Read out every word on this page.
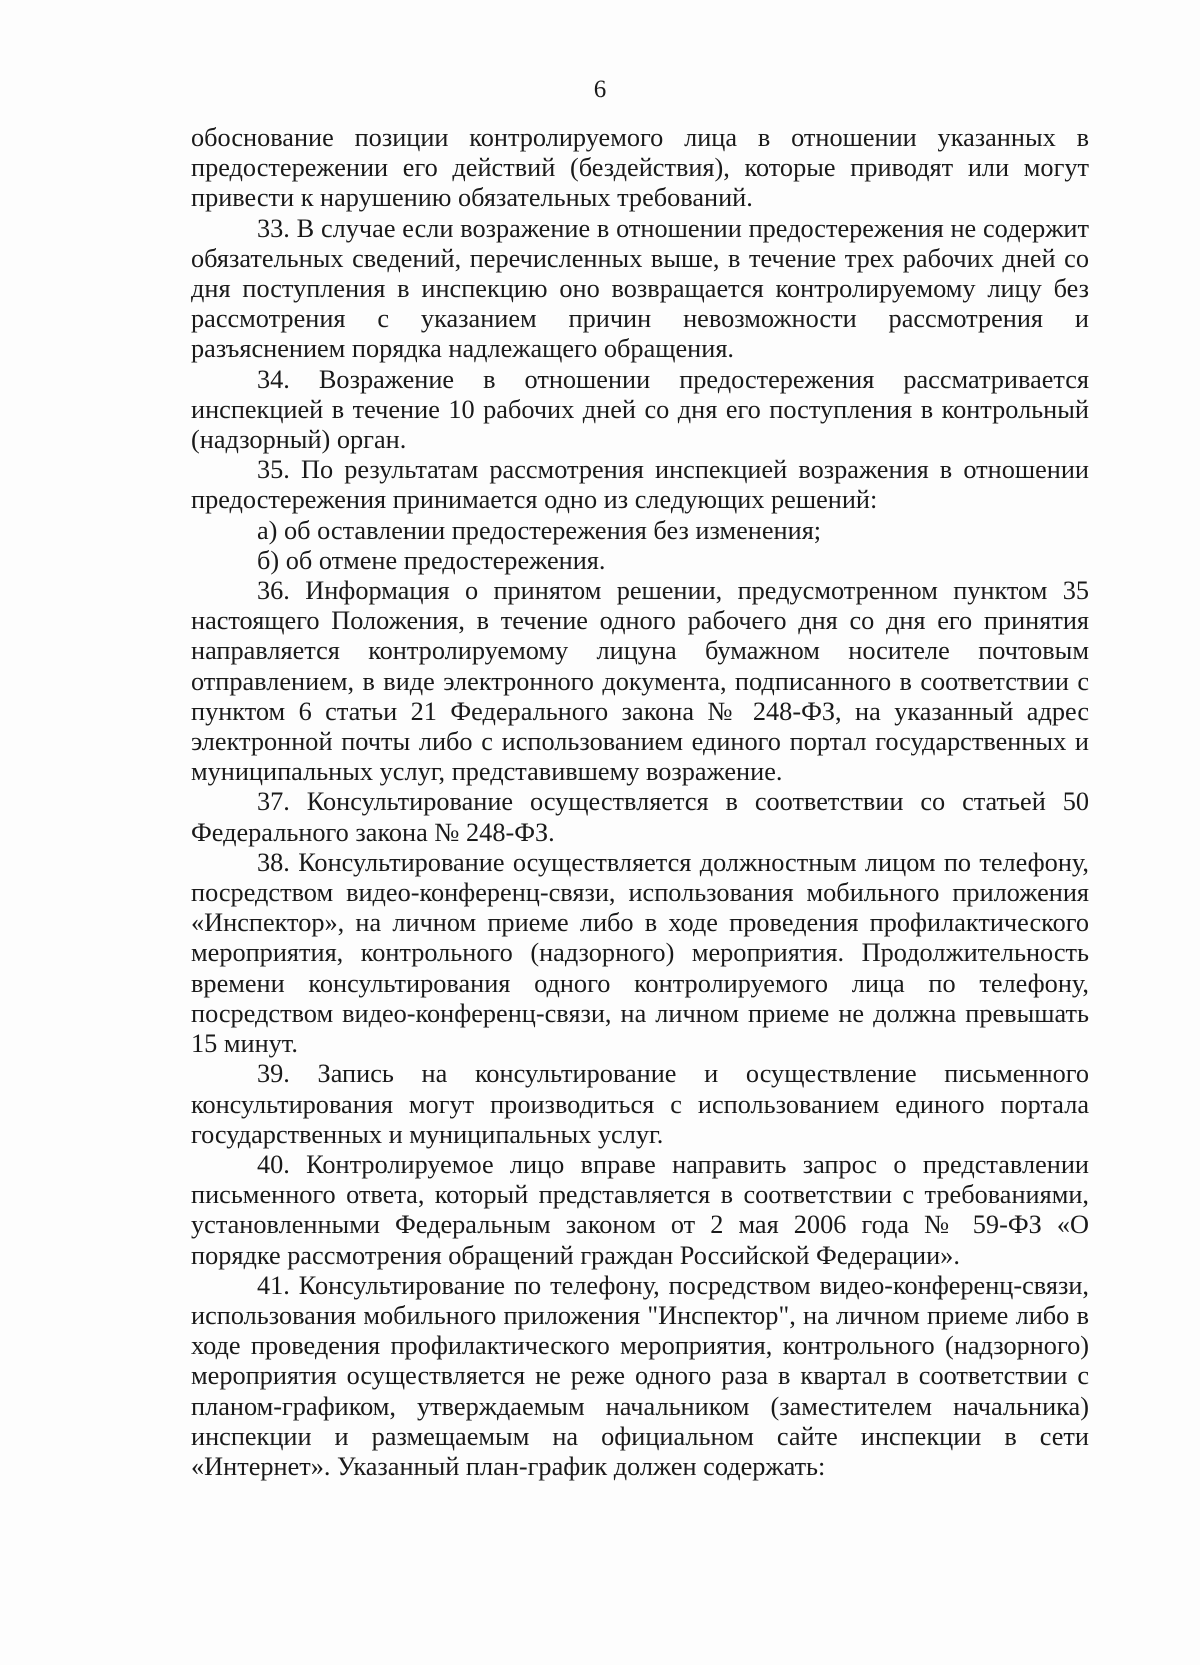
6

обоснование позиции контролируемого лица в отношении указанных в предостережении его действий (бездействия), которые приводят или могут привести к нарушению обязательных требований.

33. В случае если возражение в отношении предостережения не содержит обязательных сведений, перечисленных выше, в течение трех рабочих дней со дня поступления в инспекцию оно возвращается контролируемому лицу без рассмотрения с указанием причин невозможности рассмотрения и разъяснением порядка надлежащего обращения.

34. Возражение в отношении предостережения рассматривается инспекцией в течение 10 рабочих дней со дня его поступления в контрольный (надзорный) орган.

35. По результатам рассмотрения инспекцией возражения в отношении предостережения принимается одно из следующих решений:

а) об оставлении предостережения без изменения;

б) об отмене предостережения.

36. Информация о принятом решении, предусмотренном пунктом 35 настоящего Положения, в течение одного рабочего дня со дня его принятия направляется контролируемому лицуна бумажном носителе почтовым отправлением, в виде электронного документа, подписанного в соответствии с пунктом 6 статьи 21 Федерального закона № 248-ФЗ, на указанный адрес электронной почты либо с использованием единого портал государственных и муниципальных услуг, представившему возражение.

37. Консультирование осуществляется в соответствии со статьей 50 Федерального закона № 248-ФЗ.

38. Консультирование осуществляется должностным лицом по телефону, посредством видео-конференц-связи, использования мобильного приложения «Инспектор», на личном приеме либо в ходе проведения профилактического мероприятия, контрольного (надзорного) мероприятия. Продолжительность времени консультирования одного контролируемого лица по телефону, посредством видео-конференц-связи, на личном приеме не должна превышать 15 минут.

39. Запись на консультирование и осуществление письменного консультирования могут производиться с использованием единого портала государственных и муниципальных услуг.

40. Контролируемое лицо вправе направить запрос о представлении письменного ответа, который представляется в соответствии с требованиями, установленными Федеральным законом от 2 мая 2006 года № 59-ФЗ «О порядке рассмотрения обращений граждан Российской Федерации».

41. Консультирование по телефону, посредством видео-конференц-связи, использования мобильного приложения "Инспектор", на личном приеме либо в ходе проведения профилактического мероприятия, контрольного (надзорного) мероприятия осуществляется не реже одного раза в квартал в соответствии с планом-графиком, утверждаемым начальником (заместителем начальника) инспекции и размещаемым на официальном сайте инспекции в сети «Интернет». Указанный план-график должен содержать:
